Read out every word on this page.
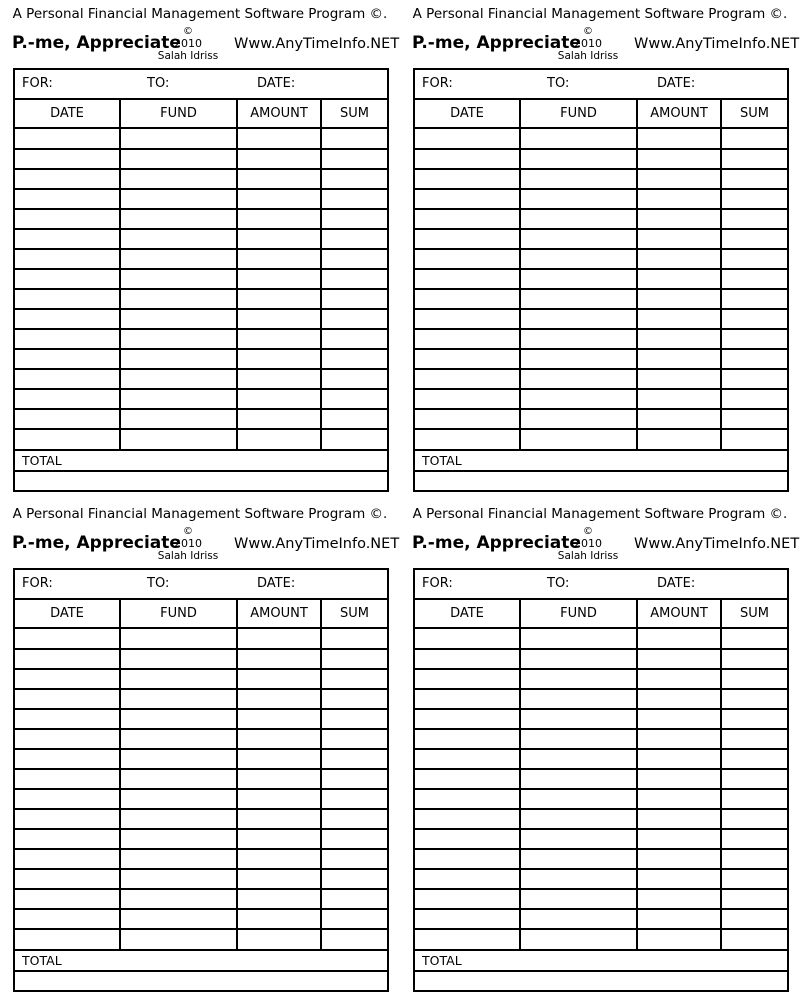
A Personal Financial Management Software Program ©.
P.-me, Appreciate
©
2010
Salah Idriss
Www.AnyTimeInfo.NET
FOR:	TO:	DATE:
DATE	FUND	AMOUNT	SUM
TOTAL
A Personal Financial Management Software Program ©.
P.-me, Appreciate
©
2010
Salah Idriss
Www.AnyTimeInfo.NET
FOR:	TO:	DATE:
DATE	FUND	AMOUNT	SUM
TOTAL
A Personal Financial Management Software Program ©.
P.-me, Appreciate
©
2010
Salah Idriss
Www.AnyTimeInfo.NET
FOR:	TO:	DATE:
DATE	FUND	AMOUNT	SUM
TOTAL
A Personal Financial Management Software Program ©.
P.-me, Appreciate
©
2010
Salah Idriss
Www.AnyTimeInfo.NET
FOR:	TO:	DATE:
DATE	FUND	AMOUNT	SUM
TOTAL
